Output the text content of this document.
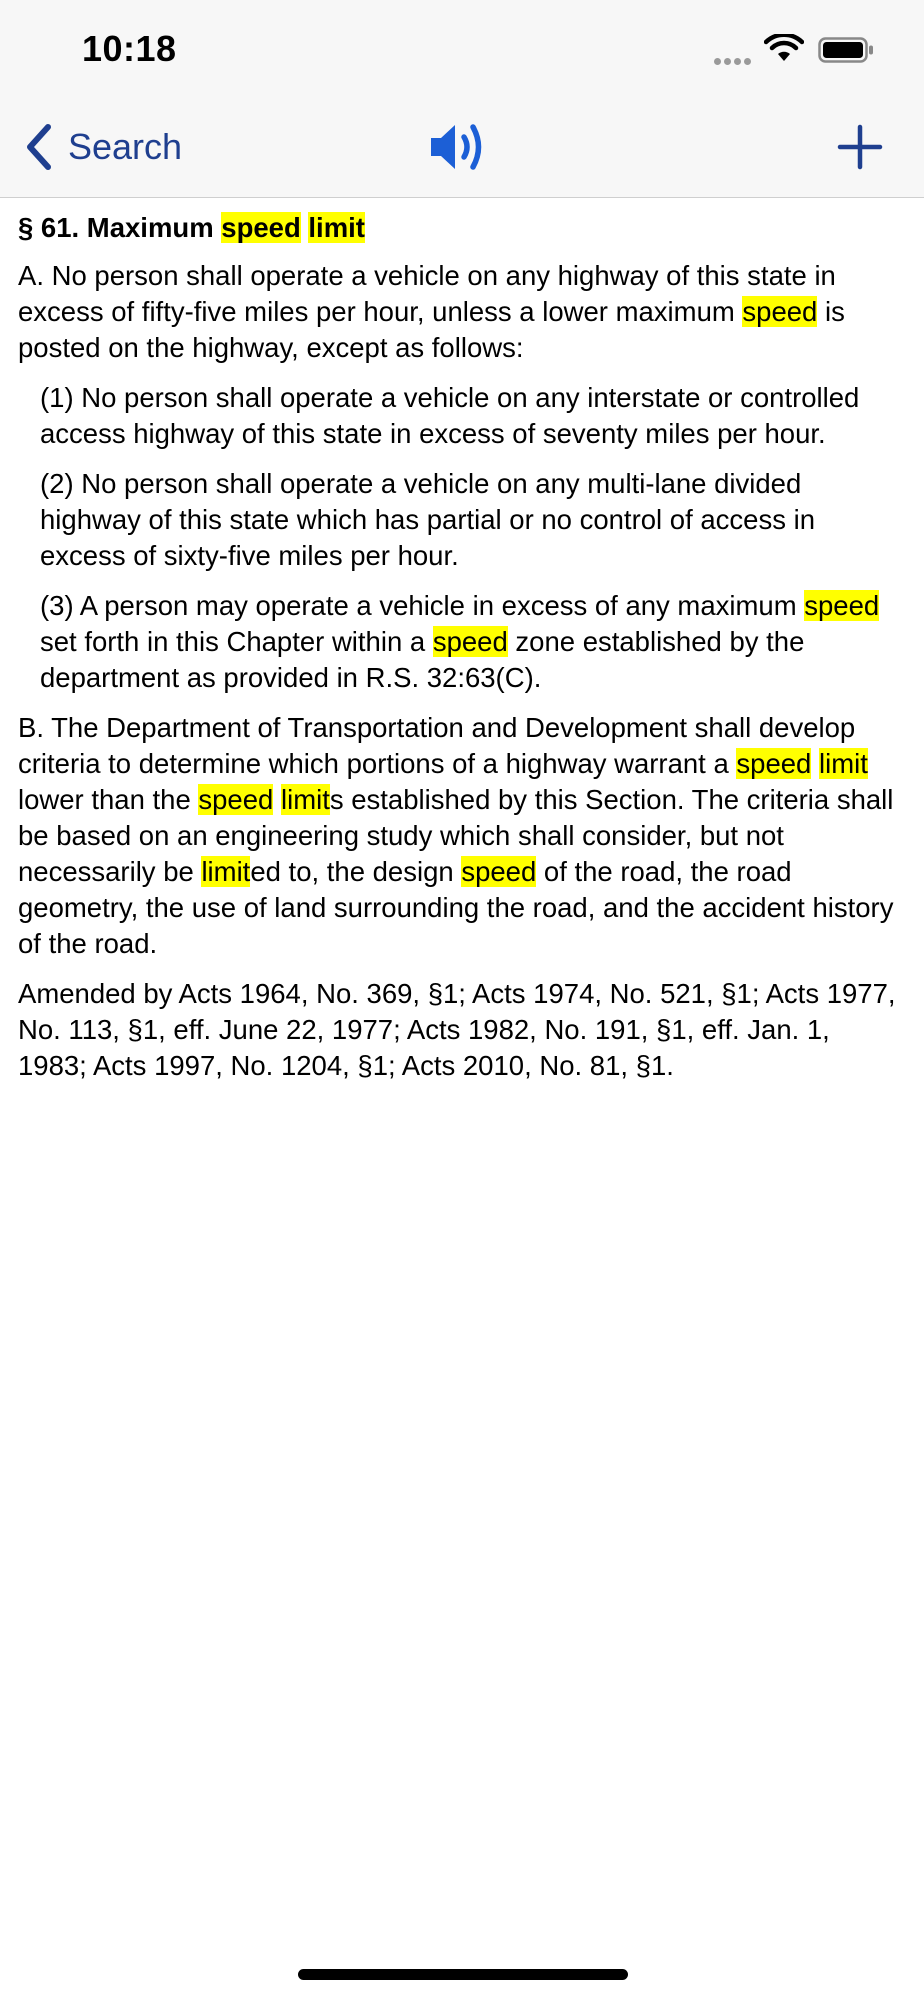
10:18
Search

§ 61. Maximum speed limit

A. No person shall operate a vehicle on any highway of this state in excess of fifty-five miles per hour, unless a lower maximum speed is posted on the highway, except as follows:

(1) No person shall operate a vehicle on any interstate or controlled access highway of this state in excess of seventy miles per hour.

(2) No person shall operate a vehicle on any multi-lane divided highway of this state which has partial or no control of access in excess of sixty-five miles per hour.

(3) A person may operate a vehicle in excess of any maximum speed set forth in this Chapter within a speed zone established by the department as provided in R.S. 32:63(C).

B. The Department of Transportation and Development shall develop criteria to determine which portions of a highway warrant a speed limit lower than the speed limits established by this Section. The criteria shall be based on an engineering study which shall consider, but not necessarily be limited to, the design speed of the road, the road geometry, the use of land surrounding the road, and the accident history of the road.

Amended by Acts 1964, No. 369, §1; Acts 1974, No. 521, §1; Acts 1977, No. 113, §1, eff. June 22, 1977; Acts 1982, No. 191, §1, eff. Jan. 1, 1983; Acts 1997, No. 1204, §1; Acts 2010, No. 81, §1.
